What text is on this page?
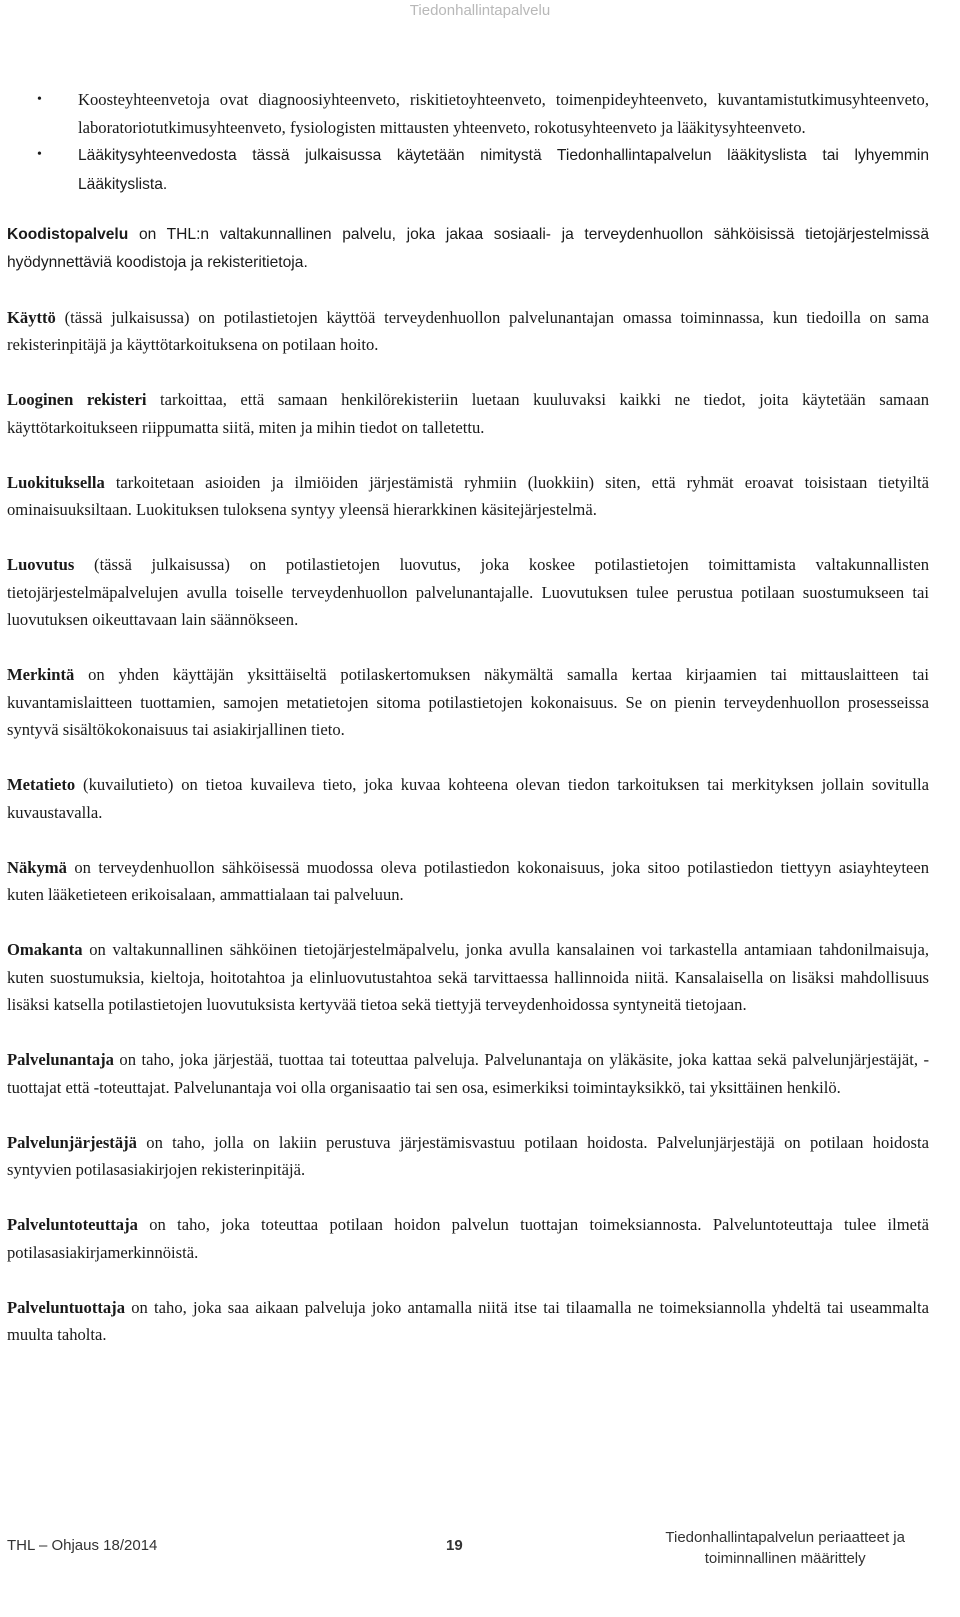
Tiedonhallintapalvelu
• Koosteyhteenvetoja ovat diagnoosiyhteenveto, riskitietoyhteenveto, toimenpideyhteenveto, kuvantamistutkimusyhteenveto, laboratoriotutkimusyhteenveto, fysiologisten mittausten yhteenveto, rokotusyhteenveto ja lääkitysyhteenveto.
• Lääkitysyhteenvedosta tässä julkaisussa käytetään nimitystä Tiedonhallintapalvelun lääkityslista tai lyhyemmin Lääkityslista.

Koodistopalvelu on THL:n valtakunnallinen palvelu, joka jakaa sosiaali- ja terveydenhuollon sähköisissä tietojärjestelmissä hyödynnettäviä koodistoja ja rekisteritietoja.

Käyttö (tässä julkaisussa) on potilastietojen käyttöä terveydenhuollon palvelunantajan omassa toiminnassa, kun tiedoilla on sama rekisterinpitäjä ja käyttötarkoituksena on potilaan hoito.

Looginen rekisteri tarkoittaa, että samaan henkilörekisteriin luetaan kuuluvaksi kaikki ne tiedot, joita käytetään samaan käyttötarkoitukseen riippumatta siitä, miten ja mihin tiedot on talletettu.

Luokituksella tarkoitetaan asioiden ja ilmiöiden järjestämistä ryhmiin (luokkiin) siten, että ryhmät eroavat toisistaan tietyiltä ominaisuuksiltaan. Luokituksen tuloksena syntyy yleensä hierarkkinen käsitejärjestelmä.

Luovutus (tässä julkaisussa) on potilastietojen luovutus, joka koskee potilastietojen toimittamista valtakunnallisten tietojärjestelmäpalvelujen avulla toiselle terveydenhuollon palvelunantajalle. Luovutuksen tulee perustua potilaan suostumukseen tai luovutuksen oikeuttavaan lain säännökseen.

Merkintä on yhden käyttäjän yksittäiseltä potilaskertomuksen näkymältä samalla kertaa kirjaamien tai mittauslaitteen tai kuvantamislaitteen tuottamien, samojen metatietojen sitoma potilastietojen kokonaisuus. Se on pienin terveydenhuollon prosesseissa syntyvä sisältökokonaisuus tai asiakirjallinen tieto.

Metatieto (kuvailutieto) on tietoa kuvaileva tieto, joka kuvaa kohteena olevan tiedon tarkoituksen tai merkityksen jollain sovitulla kuvaustavalla.

Näkymä on terveydenhuollon sähköisessä muodossa oleva potilastiedon kokonaisuus, joka sitoo potilastiedon tiettyyn asiayhteyteen kuten lääketieteen erikoisalaan, ammattialaan tai palveluun.

Omakanta on valtakunnallinen sähköinen tietojärjestelmäpalvelu, jonka avulla kansalainen voi tarkastella antamiaan tahdonilmaisuja, kuten suostumuksia, kieltoja, hoitotahtoa ja elinluovutustahtoa sekä tarvittaessa hallinnoida niitä. Kansalaisella on lisäksi mahdollisuus lisäksi katsella potilastietojen luovutuksista kertyvää tietoa sekä tiettyjä terveydenhoidossa syntyneitä tietojaan.

Palvelunantaja on taho, joka järjestää, tuottaa tai toteuttaa palveluja. Palvelunantaja on yläkäsite, joka kattaa sekä palvelunjärjestäjät, -tuottajat että -toteuttajat. Palvelunantaja voi olla organisaatio tai sen osa, esimerkiksi toimintayksikkö, tai yksittäinen henkilö.

Palvelunjärjestäjä on taho, jolla on lakiin perustuva järjestämisvastuu potilaan hoidosta. Palvelunjärjestäjä on potilaan hoidosta syntyvien potilasasiakirjojen rekisterinpitäjä.

Palveluntoteuttaja on taho, joka toteuttaa potilaan hoidon palvelun tuottajan toimeksiannosta. Palveluntoteuttaja tulee ilmetä potilasasiakirjamerkinnöistä.

Palveluntuottaja on taho, joka saa aikaan palveluja joko antamalla niitä itse tai tilaamalla ne toimeksiannolla yhdeltä tai useammalta muulta taholta.

THL – Ohjaus 18/2014	19	Tiedonhallintapalvelun periaatteet ja
toiminnallinen määrittely
